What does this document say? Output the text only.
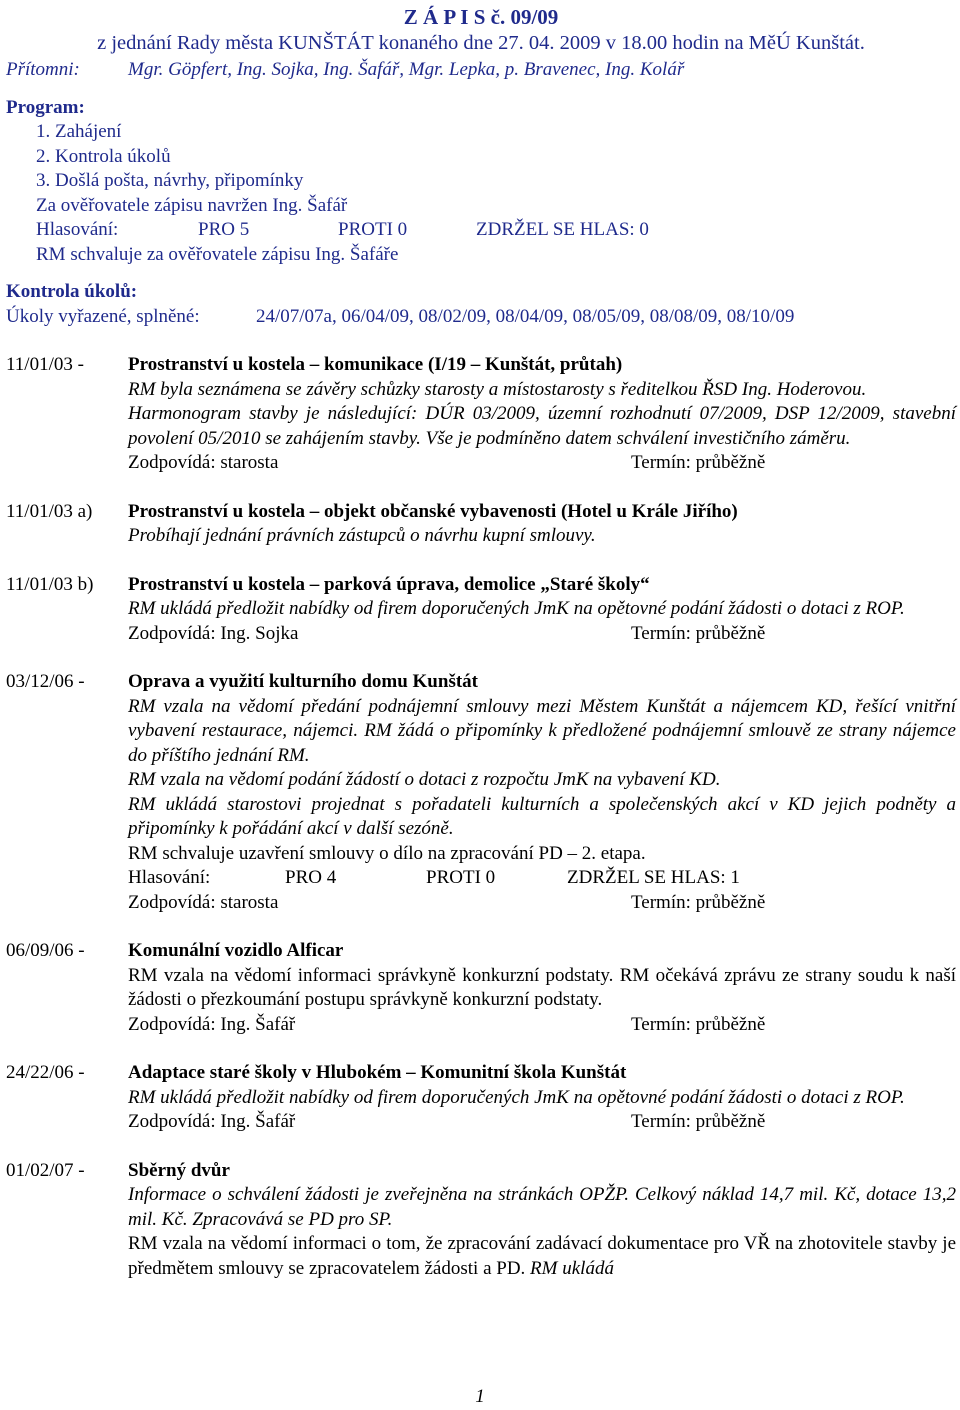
Z Á P I S č. 09/09
z jednání Rady města KUNŠTÁT konaného dne 27. 04. 2009 v 18.00 hodin na MěÚ Kunštát.
Přítomni:	Mgr. Göpfert, Ing. Sojka, Ing. Šafář, Mgr. Lepka, p. Bravenec, Ing. Kolář
Program:
1. Zahájení
2. Kontrola úkolů
3. Došlá pošta, návrhy, připomínky
Za ověřovatele zápisu navržen Ing. Šafář
Hlasování:	PRO 5	PROTI 0	ZDRŽEL SE HLAS: 0
RM schvaluje za ověřovatele zápisu Ing. Šafáře
Kontrola úkolů:
Úkoly vyřazené, splněné:	24/07/07a, 06/04/09, 08/02/09, 08/04/09, 08/05/09, 08/08/09, 08/10/09
11/01/03 -	Prostranství u kostela – komunikace (I/19 – Kunštát, průtah)
RM byla seznámena se závěry schůzky starosty a místostarosty s ředitelkou ŘSD Ing. Hoderovou.
Harmonogram stavby je následující: DÚR 03/2009, územní rozhodnutí 07/2009, DSP 12/2009, stavební povolení 05/2010 se zahájením stavby. Vše je podmíněno datem schválení investičního záměru.
Zodpovídá: starosta	Termín: průběžně
11/01/03 a)	Prostranství u kostela – objekt občanské vybavenosti (Hotel u Krále Jiřího)
Probíhají jednání právních zástupců o návrhu kupní smlouvy.
11/01/03 b)	Prostranství u kostela – parková úprava, demolice „Staré školy“
RM ukládá předložit nabídky od firem doporučených JmK na opětovné podání žádosti o dotaci z ROP.
Zodpovídá: Ing. Sojka	Termín: průběžně
03/12/06 -	Oprava a využití kulturního domu Kunštát
RM vzala na vědomí předání podnájemní smlouvy mezi Městem Kunštát a nájemcem KD, řešící vnitřní vybavení restaurace, nájemci. RM žádá o připomínky k předložené podnájemní smlouvě ze strany nájemce do příštího jednání RM.
RM vzala na vědomí podání žádostí o dotaci z rozpočtu JmK na vybavení KD.
RM ukládá starostovi projednat s pořadateli kulturních a společenských akcí v KD jejich podněty a připomínky k pořádání akcí v další sezóně.
RM schvaluje uzavření smlouvy o dílo na zpracování PD – 2. etapa.
Hlasování:	PRO 4	PROTI 0	ZDRŽEL SE HLAS: 1
Zodpovídá: starosta	Termín: průběžně
06/09/06 -	Komunální vozidlo Alficar
RM vzala na vědomí informaci správkyně konkurzní podstaty. RM očekává zprávu ze strany soudu k naší žádosti o přezkoumání postupu správkyně konkurzní podstaty.
Zodpovídá: Ing. Šafář	Termín: průběžně
24/22/06 -	Adaptace staré školy v Hlubokém – Komunitní škola Kunštát
RM ukládá předložit nabídky od firem doporučených JmK na opětovné podání žádosti o dotaci z ROP.
Zodpovídá: Ing. Šafář	Termín: průběžně
01/02/07 -	Sběrný dvůr
Informace o schválení žádosti je zveřejněna na stránkách OPŽP. Celkový náklad 14,7 mil. Kč, dotace 13,2 mil. Kč. Zpracovává se PD pro SP.
RM vzala na vědomí informaci o tom, že zpracování zadávací dokumentace pro VŘ na zhotovitele stavby je předmětem smlouvy se zpracovatelem žádosti a PD. RM ukládá
1
